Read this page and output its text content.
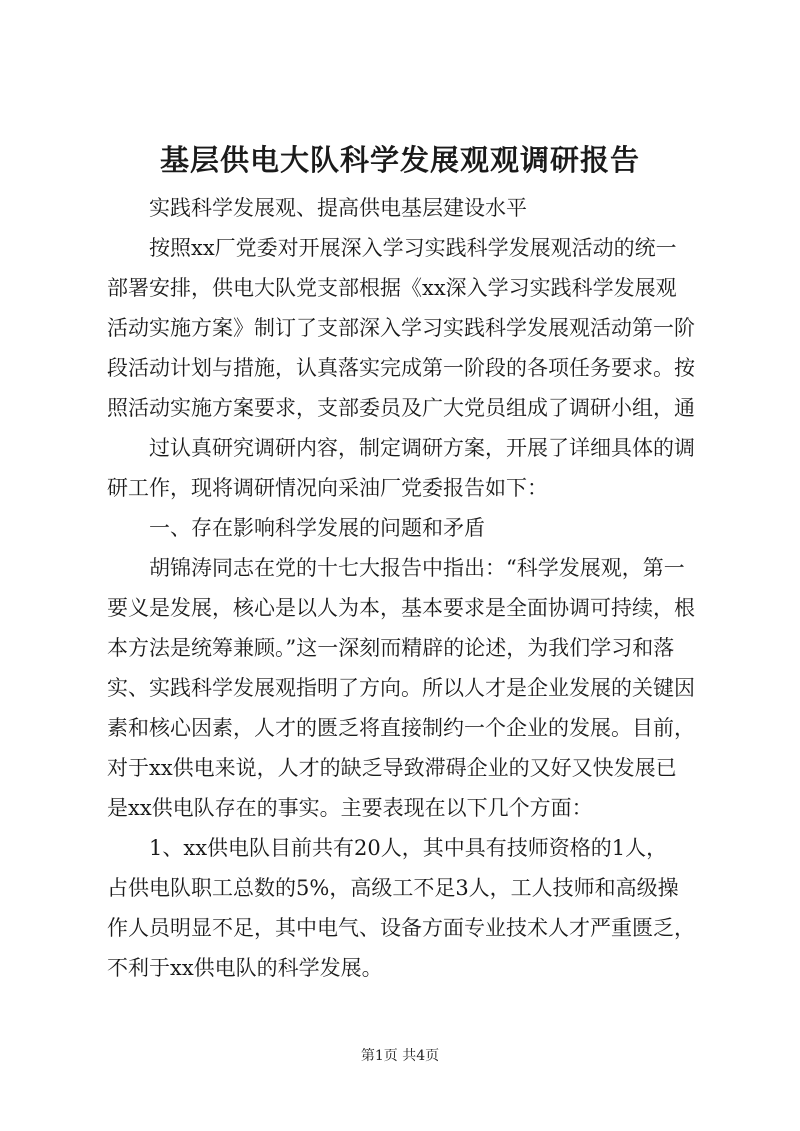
基层供电大队科学发展观观调研报告

实践科学发展观、提高供电基层建设水平

按照xx厂党委对开展深入学习实践科学发展观活动的统一
部署安排，供电大队党支部根据《xx深入学习实践科学发展观
活动实施方案》制订了支部深入学习实践科学发展观活动第一阶
段活动计划与措施，认真落实完成第一阶段的各项任务要求。按
照活动实施方案要求，支部委员及广大党员组成了调研小组，通

过认真研究调研内容，制定调研方案，开展了详细具体的调
研工作，现将调研情况向采油厂党委报告如下：

一、存在影响科学发展的问题和矛盾

胡锦涛同志在党的十七大报告中指出：“科学发展观，第一
要义是发展，核心是以人为本，基本要求是全面协调可持续，根
本方法是统筹兼顾。”这一深刻而精辟的论述，为我们学习和落
实、实践科学发展观指明了方向。所以人才是企业发展的关键因
素和核心因素，人才的匮乏将直接制约一个企业的发展。目前，
对于xx供电来说，人才的缺乏导致滞碍企业的又好又快发展已
是xx供电队存在的事实。主要表现在以下几个方面：

1、xx供电队目前共有20人，其中具有技师资格的1人，
占供电队职工总数的5%，高级工不足3人，工人技师和高级操
作人员明显不足，其中电气、设备方面专业技术人才严重匮乏，
不利于xx供电队的科学发展。

第1页 共4页
